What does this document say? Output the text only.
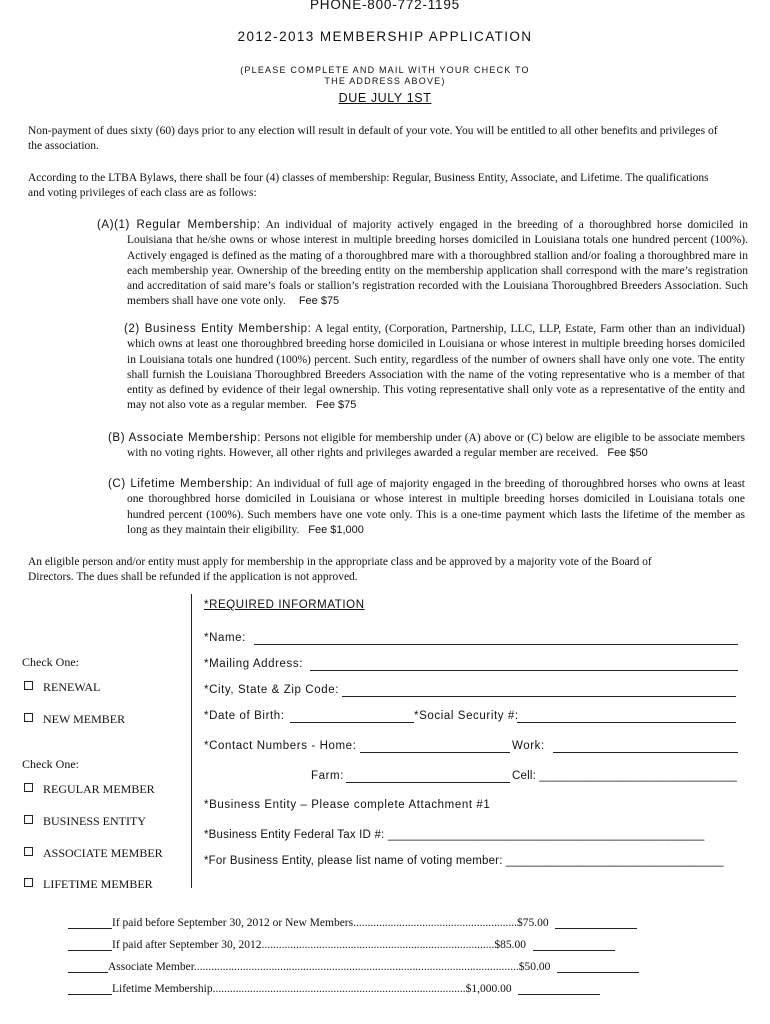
PHONE-800-772-1195
2012-2013 MEMBERSHIP APPLICATION
(PLEASE COMPLETE AND MAIL WITH YOUR CHECK TO
THE ADDRESS ABOVE)
DUE JULY 1ST
Non-payment of dues sixty (60) days prior to any election will result in default of your vote. You will be entitled to all other benefits and privileges of the association.
According to the LTBA Bylaws, there shall be four (4) classes of membership: Regular, Business Entity, Associate, and Lifetime. The qualifications and voting privileges of each class are as follows:
(A)(1) Regular Membership: An individual of majority actively engaged in the breeding of a thoroughbred horse domiciled in Louisiana that he/she owns or whose interest in multiple breeding horses domiciled in Louisiana totals one hundred percent (100%). Actively engaged is defined as the mating of a thoroughbred mare with a thoroughbred stallion and/or foaling a thoroughbred mare in each membership year. Ownership of the breeding entity on the membership application shall correspond with the mare’s registration and accreditation of said mare’s foals or stallion’s registration recorded with the Louisiana Thoroughbred Breeders Association. Such members shall have one vote only. Fee $75
(2) Business Entity Membership: A legal entity, (Corporation, Partnership, LLC, LLP, Estate, Farm other than an individual) which owns at least one thoroughbred breeding horse domiciled in Louisiana or whose interest in multiple breeding horses domiciled in Louisiana totals one hundred (100%) percent. Such entity, regardless of the number of owners shall have only one vote. The entity shall furnish the Louisiana Thoroughbred Breeders Association with the name of the voting representative who is a member of that entity as defined by evidence of their legal ownership. This voting representative shall only vote as a representative of the entity and may not also vote as a regular member. Fee $75
(B) Associate Membership: Persons not eligible for membership under (A) above or (C) below are eligible to be associate members with no voting rights. However, all other rights and privileges awarded a regular member are received. Fee $50
(C) Lifetime Membership: An individual of full age of majority engaged in the breeding of thoroughbred horses who owns at least one thoroughbred horse domiciled in Louisiana or whose interest in multiple breeding horses domiciled in Louisiana totals one hundred percent (100%). Such members have one vote only. This is a one-time payment which lasts the lifetime of the member as long as they maintain their eligibility. Fee $1,000
An eligible person and/or entity must apply for membership in the appropriate class and be approved by a majority vote of the Board of Directors. The dues shall be refunded if the application is not approved.
Check One:
RENEWAL
NEW MEMBER
Check One:
REGULAR MEMBER
BUSINESS ENTITY
ASSOCIATE MEMBER
LIFETIME MEMBER
*REQUIRED INFORMATION
*Name:
*Mailing Address:
*City, State & Zip Code:
*Date of Birth:	*Social Security #:
*Contact Numbers - Home:	Work:
Farm:	Cell: ______________________________
*Business Entity – Please complete Attachment #1
*Business Entity Federal Tax ID #: ________________________________________________
*For Business Entity, please list name of voting member: _________________________________
If paid before September 30, 2012 or New Members.........................................................$75.00
If paid after September 30, 2012.................................................................................$85.00
Associate Member.................................................................................................................$50.00
Lifetime Membership........................................................................................$1,000.00
